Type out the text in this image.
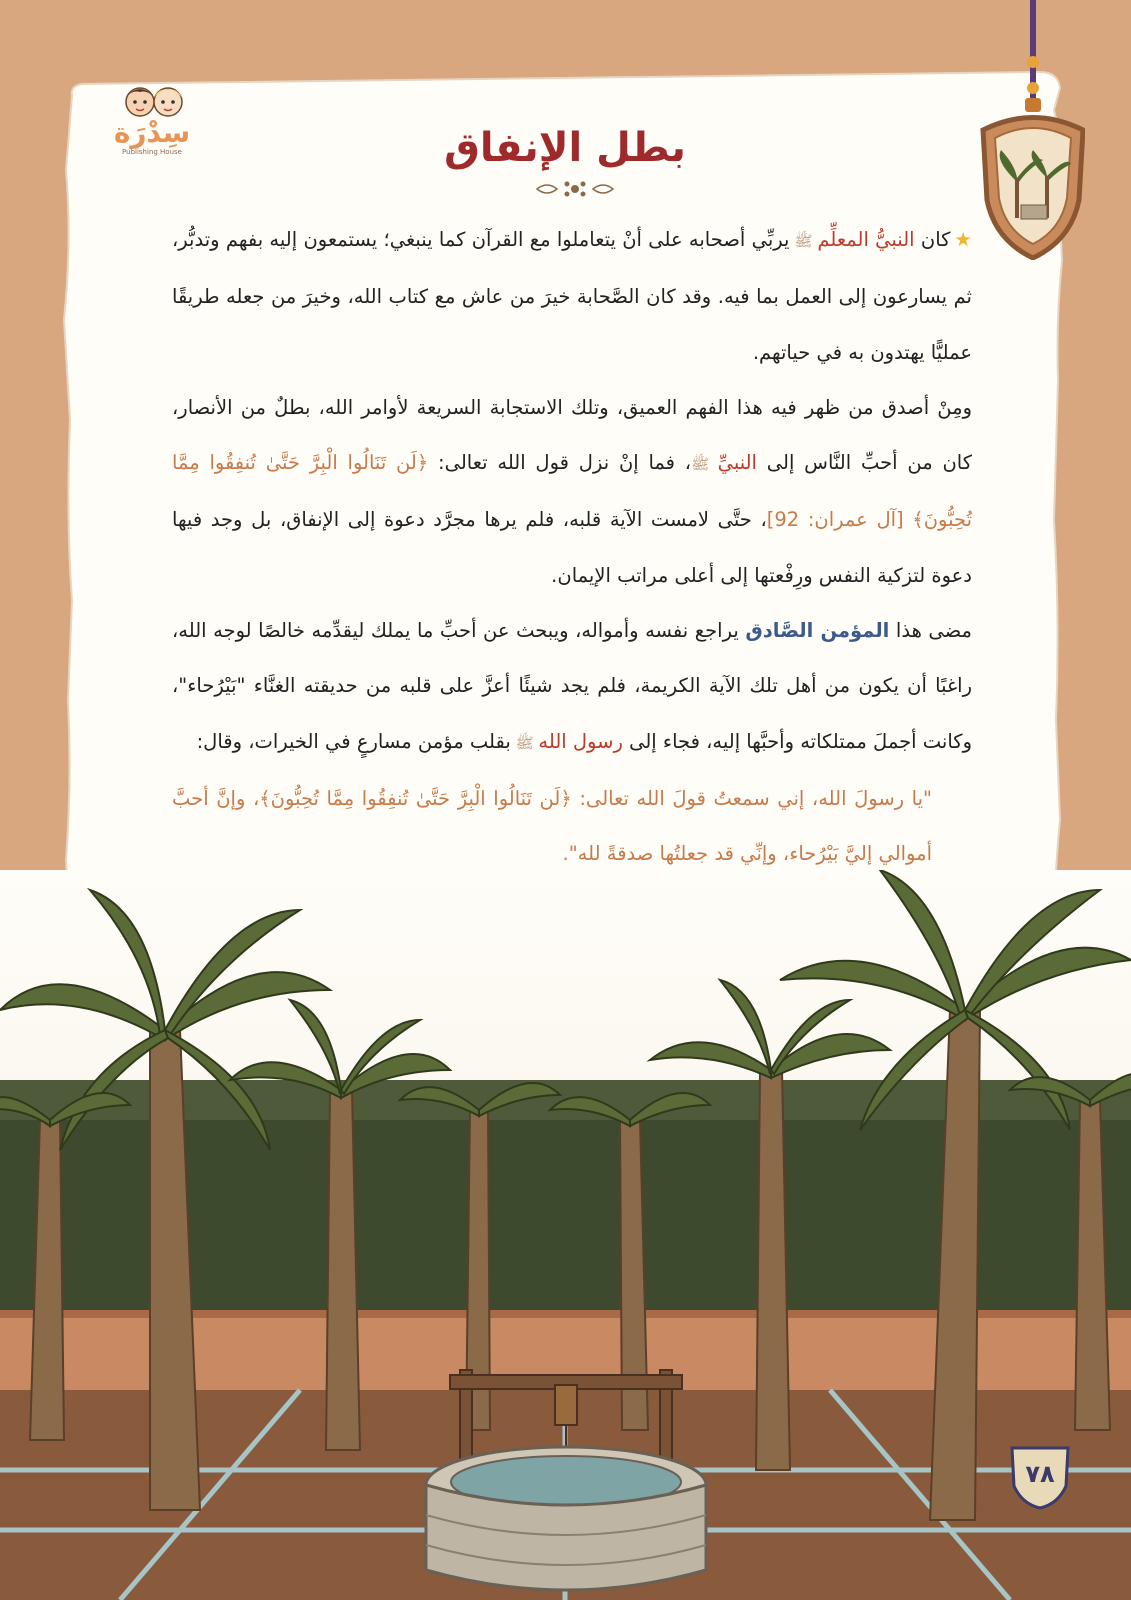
سِدْرَة
Publishing House	بطل الإنفاق

★كان النبيُّ المعلِّم ﷺ يربِّي أصحابه على أنْ يتعاملوا مع القرآن كما ينبغي؛ يستمعون إليه بفهم وتدبُّر، ثم يسارعون إلى العمل بما فيه. وقد كان الصَّحابة خيرَ من عاش مع كتاب الله، وخيرَ من جعله طريقًا عمليًّا يهتدون به في حياتهم.

ومِنْ أصدق من ظهر فيه هذا الفهم العميق، وتلك الاستجابة السريعة لأوامر الله، بطلٌ من الأنصار، كان من أحبِّ النَّاس إلى النبيِّ ﷺ، فما إنْ نزل قول الله تعالى: ﴿لَن تَنَالُوا الْبِرَّ حَتَّىٰ تُنفِقُوا مِمَّا تُحِبُّونَ﴾ [آل عمران: 92]، حتَّى لامست الآية قلبه، فلم يرها مجرَّد دعوة إلى الإنفاق، بل وجد فيها دعوة لتزكية النفس ورِفْعتها إلى أعلى مراتب الإيمان.

مضى هذا المؤمن الصَّادق يراجع نفسه وأمواله، ويبحث عن أحبِّ ما يملك ليقدِّمه خالصًا لوجه الله، راغبًا أن يكون من أهل تلك الآية الكريمة، فلم يجد شيئًا أعزَّ على قلبه من حديقته الغنَّاء "بَيْرُحاء"، وكانت أجملَ ممتلكاته وأحبَّها إليه، فجاء إلى رسول الله ﷺ بقلب مؤمن مسارعٍ في الخيرات، وقال:

"يا رسولَ الله، إني سمعتُ قولَ الله تعالى: ﴿لَن تَنَالُوا الْبِرَّ حَتَّىٰ تُنفِقُوا مِمَّا تُحِبُّونَ﴾، وإنَّ أحبَّ أموالي إليَّ بَيْرُحاء، وإنِّي قد جعلتُها صدقةً لله".

٧٨
